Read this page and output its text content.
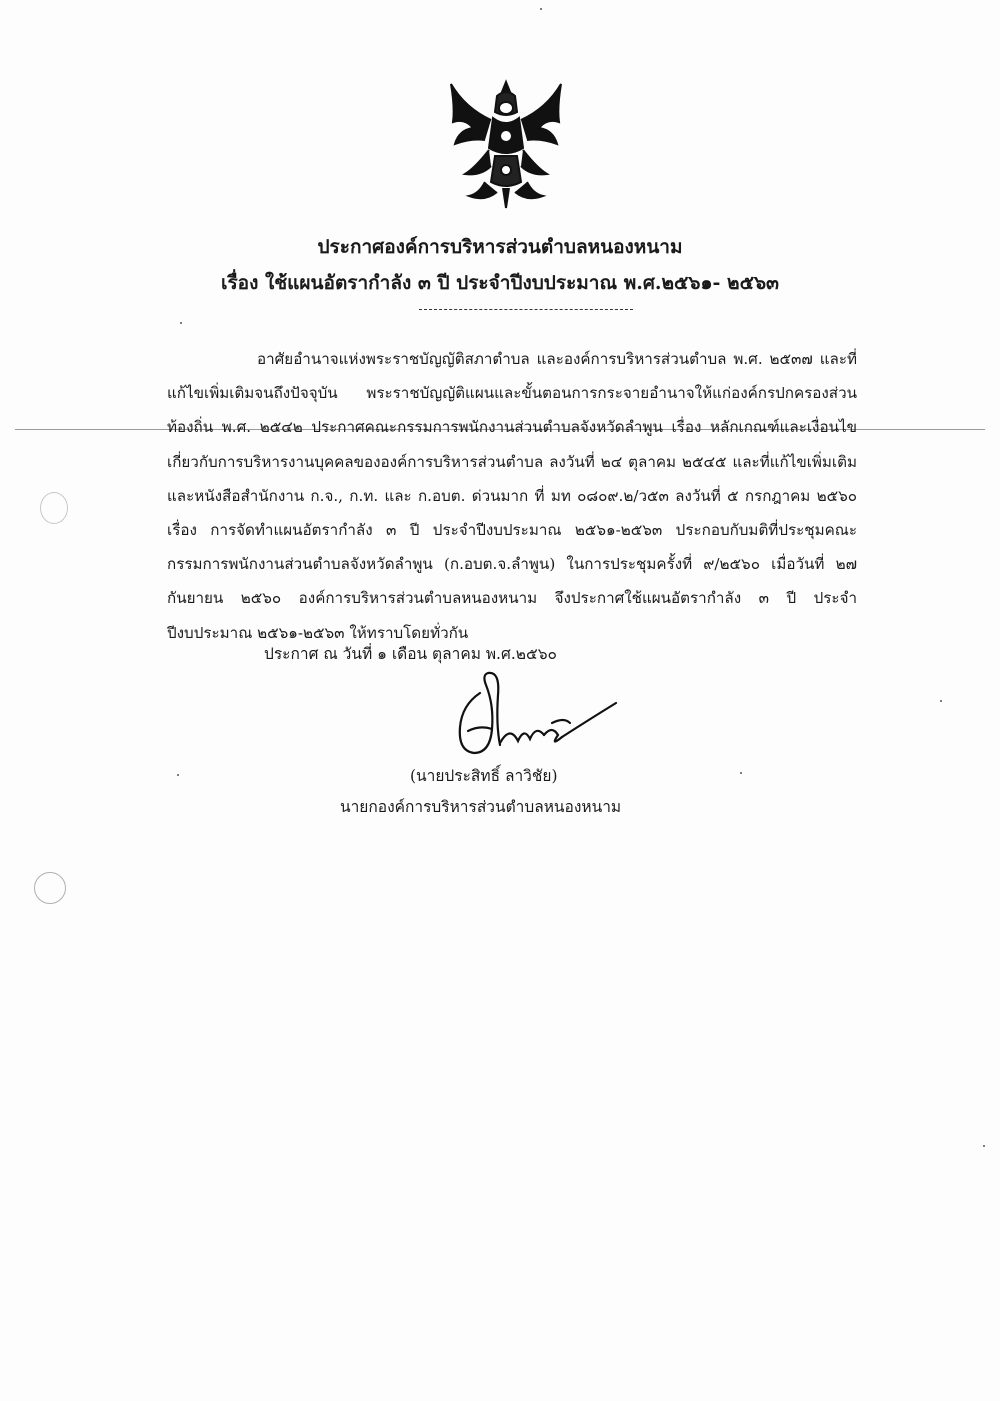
ประกาศองค์การบริหารส่วนตำบลหนองหนาม
เรื่อง ใช้แผนอัตรากำลัง ๓ ปี ประจำปีงบประมาณ พ.ศ.๒๕๖๑- ๒๕๖๓

อาศัยอำนาจแห่งพระราชบัญญัติสภาตำบล และองค์การบริหารส่วนตำบล พ.ศ. ๒๕๓๗ และที่แก้ไขเพิ่มเติมจนถึงปัจจุบัน พระราชบัญญัติแผนและขั้นตอนการกระจายอำนาจให้แก่องค์กรปกครองส่วนท้องถิ่น พ.ศ. ๒๕๔๒ ประกาศคณะกรรมการพนักงานส่วนตำบลจังหวัดลำพูน เรื่อง หลักเกณฑ์และเงื่อนไขเกี่ยวกับการบริหารงานบุคคลขององค์การบริหารส่วนตำบล ลงวันที่ ๒๔ ตุลาคม ๒๕๔๕ และที่แก้ไขเพิ่มเติม และหนังสือสำนักงาน ก.จ., ก.ท. และ ก.อบต. ด่วนมาก ที่ มท ๐๘๐๙.๒/ว๕๓ ลงวันที่ ๕ กรกฎาคม ๒๕๖๐ เรื่อง การจัดทำแผนอัตรากำลัง ๓ ปี ประจำปีงบประมาณ ๒๕๖๑-๒๕๖๓ ประกอบกับมติที่ประชุมคณะกรรมการพนักงานส่วนตำบลจังหวัดลำพูน (ก.อบต.จ.ลำพูน) ในการประชุมครั้งที่ ๙/๒๕๖๐ เมื่อวันที่ ๒๗ กันยายน ๒๕๖๐ องค์การบริหารส่วนตำบลหนองหนาม จึงประกาศใช้แผนอัตรากำลัง ๓ ปี ประจำปีงบประมาณ ๒๕๖๑-๒๕๖๓ ให้ทราบโดยทั่วกัน

ประกาศ ณ วันที่ ๑ เดือน ตุลาคม พ.ศ.๒๕๖๐
(นายประสิทธิ์ ลาวิชัย)
นายกองค์การบริหารส่วนตำบลหนองหนาม
